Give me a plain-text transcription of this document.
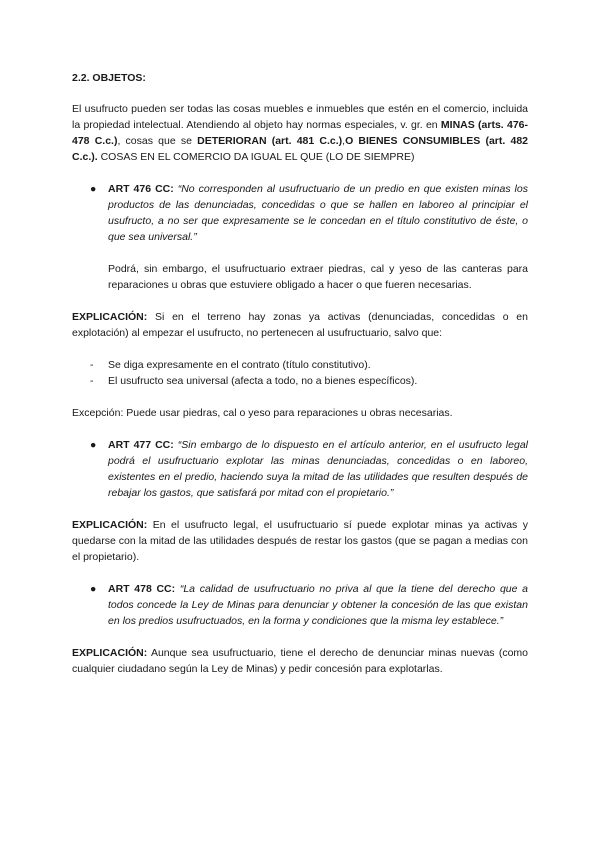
2.2. OBJETOS:

El usufructo pueden ser todas las cosas muebles e inmuebles que estén en el comercio, incluida la propiedad intelectual. Atendiendo al objeto hay normas especiales, v. gr. en MINAS (arts. 476-478 C.c.), cosas que se DETERIORAN (art. 481 C.c.),O BIENES CONSUMIBLES (art. 482 C.c.). COSAS EN EL COMERCIO DA IGUAL EL QUE (LO DE SIEMPRE)

● ART 476 CC: “No corresponden al usufructuario de un predio en que existen minas los productos de las denunciadas, concedidas o que se hallen en laboreo al principiar el usufructo, a no ser que expresamente se le concedan en el título constitutivo de éste, o que sea universal.”

Podrá, sin embargo, el usufructuario extraer piedras, cal y yeso de las canteras para reparaciones u obras que estuviere obligado a hacer o que fueren necesarias.

EXPLICACIÓN: Si en el terreno hay zonas ya activas (denunciadas, concedidas o en explotación) al empezar el usufructo, no pertenecen al usufructuario, salvo que:

- Se diga expresamente en el contrato (título constitutivo).
- El usufructo sea universal (afecta a todo, no a bienes específicos).

Excepción: Puede usar piedras, cal o yeso para reparaciones u obras necesarias.

● ART 477 CC: “Sin embargo de lo dispuesto en el artículo anterior, en el usufructo legal podrá el usufructuario explotar las minas denunciadas, concedidas o en laboreo, existentes en el predio, haciendo suya la mitad de las utilidades que resulten después de rebajar los gastos, que satisfará por mitad con el propietario.”

EXPLICACIÓN: En el usufructo legal, el usufructuario sí puede explotar minas ya activas y quedarse con la mitad de las utilidades después de restar los gastos (que se pagan a medias con el propietario).

● ART 478 CC: “La calidad de usufructuario no priva al que la tiene del derecho que a todos concede la Ley de Minas para denunciar y obtener la concesión de las que existan en los predios usufructuados, en la forma y condiciones que la misma ley establece.”

EXPLICACIÓN: Aunque sea usufructuario, tiene el derecho de denunciar minas nuevas (como cualquier ciudadano según la Ley de Minas) y pedir concesión para explotarlas.
